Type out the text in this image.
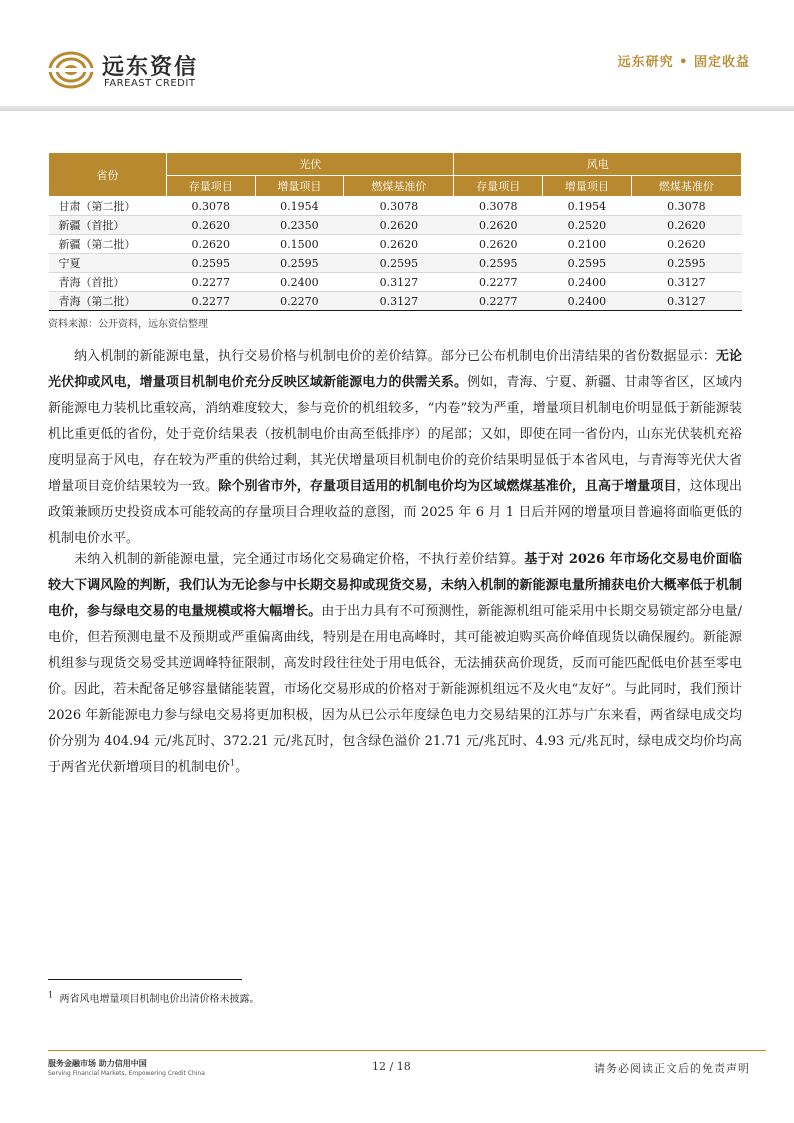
远东资信
FAREAST CREDIT
远东研究 • 固定收益
省份	光伏			风电		
	存量项目	增量项目	燃煤基准价	存量项目	增量项目	燃煤基准价
甘肃（第二批）	0.3078	0.1954	0.3078	0.3078	0.1954	0.3078
新疆（首批）	0.2620	0.2350	0.2620	0.2620	0.2520	0.2620
新疆（第二批）	0.2620	0.1500	0.2620	0.2620	0.2100	0.2620
宁夏	0.2595	0.2595	0.2595	0.2595	0.2595	0.2595
青海（首批）	0.2277	0.2400	0.3127	0.2277	0.2400	0.3127
青海（第二批）	0.2277	0.2270	0.3127	0.2277	0.2400	0.3127
资料来源：公开资料，远东资信整理
纳入机制的新能源电量，执行交易价格与机制电价的差价结算。部分已公布机制电价出清结果的省份数据显示：无论光伏抑或风电，增量项目机制电价充分反映区域新能源电力的供需关系。例如，青海、宁夏、新疆、甘肃等省区，区域内新能源电力装机比重较高，消纳难度较大，参与竞价的机组较多，“内卷”较为严重，增量项目机制电价明显低于新能源装机比重更低的省份，处于竞价结果表（按机制电价由高至低排序）的尾部；又如，即使在同一省份内，山东光伏装机充裕度明显高于风电，存在较为严重的供给过剩，其光伏增量项目机制电价的竞价结果明显低于本省风电，与青海等光伏大省增量项目竞价结果较为一致。除个别省市外，存量项目适用的机制电价均为区域燃煤基准价，且高于增量项目，这体现出政策兼顾历史投资成本可能较高的存量项目合理收益的意图，而 2025 年 6 月 1 日后并网的增量项目普遍将面临更低的机制电价水平。
未纳入机制的新能源电量，完全通过市场化交易确定价格，不执行差价结算。基于对 2026 年市场化交易电价面临较大下调风险的判断，我们认为无论参与中长期交易抑或现货交易，未纳入机制的新能源电量所捕获电价大概率低于机制电价，参与绿电交易的电量规模或将大幅增长。由于出力具有不可预测性，新能源机组可能采用中长期交易锁定部分电量/电价，但若预测电量不及预期或严重偏离曲线，特别是在用电高峰时，其可能被迫购买高价峰值现货以确保履约。新能源机组参与现货交易受其逆调峰特征限制，高发时段往往处于用电低谷，无法捕获高价现货，反而可能匹配低电价甚至零电价。因此，若未配备足够容量储能装置，市场化交易形成的价格对于新能源机组远不及火电“友好”。与此同时，我们预计 2026 年新能源电力参与绿电交易将更加积极，因为从已公示年度绿色电力交易结果的江苏与广东来看，两省绿电成交均价分别为 404.94 元/兆瓦时、372.21 元/兆瓦时，包含绿色溢价 21.71 元/兆瓦时、4.93 元/兆瓦时，绿电成交均价均高于两省光伏新增项目的机制电价$^1$。
$^1$ 两省风电增量项目机制电价出清价格未披露。
服务金融市场 助力信用中国
Serving Financial Markets, Empowering Credit China
12 / 18	请务必阅读正文后的免责声明
